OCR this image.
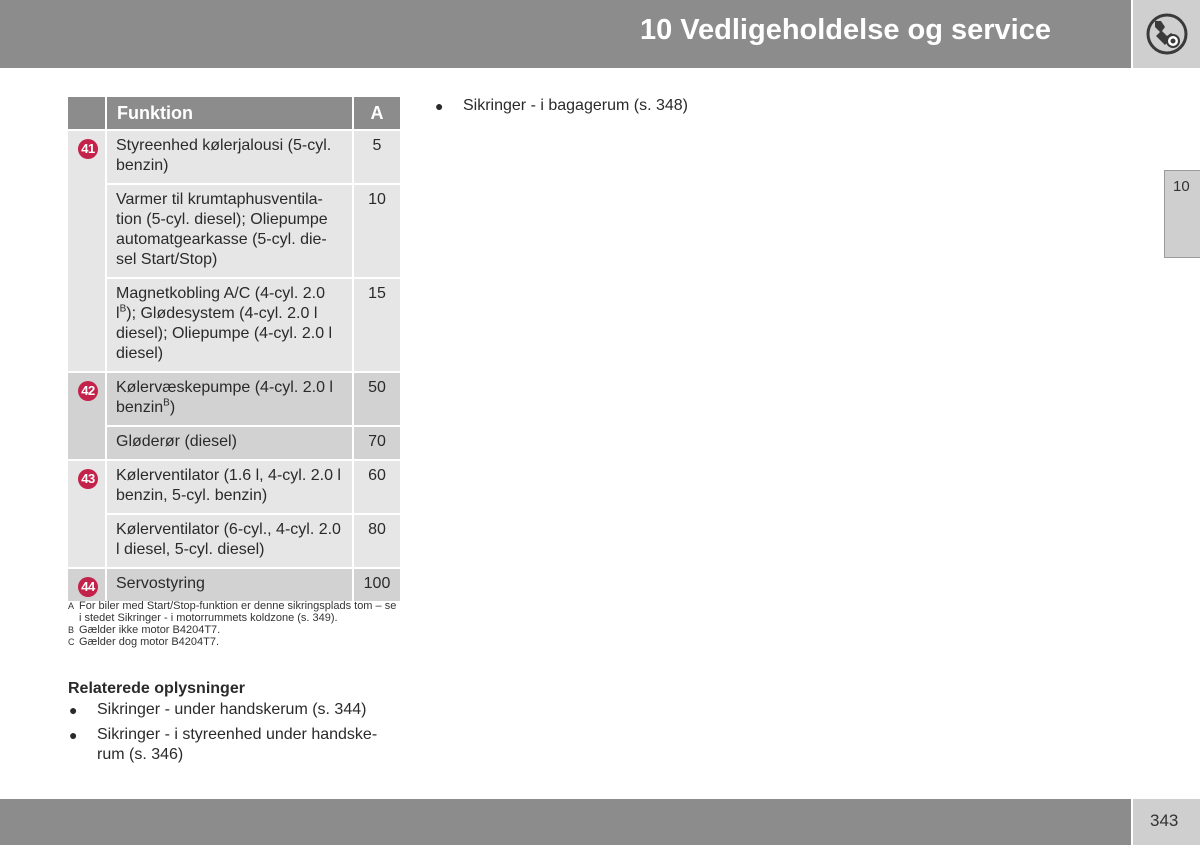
10 Vedligeholdelse og service
10
	Funktion	A

41	Styreenhed kølerjalousi (5-cyl. benzin)	5
	Varmer til krumtaphusventila-tion (5-cyl. diesel); Oliepumpe automatgearkasse (5-cyl. die-sel Start/Stop)	10
	Magnetkobling A/C (4-cyl. 2.0 $l^B$); Glødesystem (4-cyl. 2.0 l diesel); Oliepumpe (4-cyl. 2.0 l diesel)	15

42	Kølervæskepumpe (4-cyl. 2.0 l benzin$^B$)	50
	Gløderør (diesel)	70

43	Kølerventilator (1.6 l, 4-cyl. 2.0 l benzin, 5-cyl. benzin)	60
	Kølerventilator (6-cyl., 4-cyl. 2.0 l diesel, 5-cyl. diesel)	80

44	Servostyring	100
A For biler med Start/Stop-funktion er denne sikringsplads tom – se i stedet Sikringer - i motorrummets koldzone (s. 349).
B Gælder ikke motor B4204T7.
C Gælder dog motor B4204T7.
Relaterede oplysninger
●	Sikringer - under handskerum (s. 344)
●	Sikringer - i styreenhed under handske-rum (s. 346)
●	Sikringer - i bagagerum (s. 348)
343
